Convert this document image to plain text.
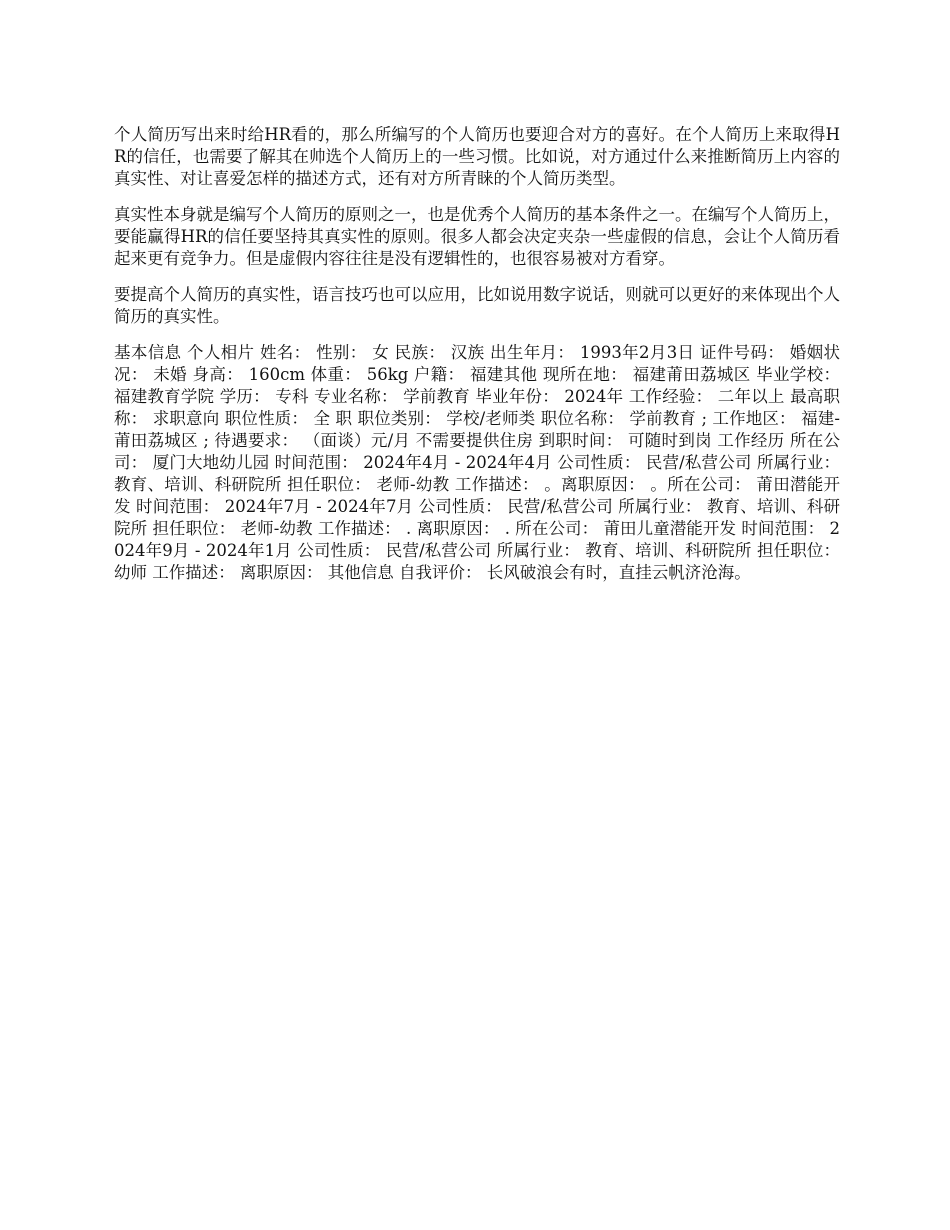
个人简历写出来时给HR看的，那么所编写的个人简历也要迎合对方的喜好。在个人简历上来取得HR的信任，也需要了解其在帅选个人简历上的一些习惯。比如说，对方通过什么来推断简历上内容的真实性、对让喜爱怎样的描述方式，还有对方所青睐的个人简历类型。

真实性本身就是编写个人简历的原则之一，也是优秀个人简历的基本条件之一。在编写个人简历上，要能赢得HR的信任要坚持其真实性的原则。很多人都会决定夹杂一些虚假的信息，会让个人简历看起来更有竞争力。但是虚假内容往往是没有逻辑性的，也很容易被对方看穿。

要提高个人简历的真实性，语言技巧也可以应用，比如说用数字说话，则就可以更好的来体现出个人简历的真实性。

基本信息 个人相片 姓名： 性别： 女 民族： 汉族 出生年月： 1993年2月3日 证件号码： 婚姻状况： 未婚 身高： 160cm 体重： 56kg 户籍： 福建其他 现所在地： 福建莆田荔城区 毕业学校： 福建教育学院 学历： 专科 专业名称： 学前教育 毕业年份： 2024年 工作经验： 二年以上 最高职称： 求职意向 职位性质： 全 职 职位类别： 学校/老师类 职位名称： 学前教育 ; 工作地区： 福建-莆田荔城区 ; 待遇要求： （面谈）元/月 不需要提供住房 到职时间： 可随时到岗 工作经历 所在公司： 厦门大地幼儿园 时间范围： 2024年4月 - 2024年4月 公司性质： 民营/私营公司 所属行业： 教育、培训、科研院所 担任职位： 老师-幼教 工作描述： 。离职原因： 。所在公司： 莆田潜能开发 时间范围： 2024年7月 - 2024年7月 公司性质： 民营/私营公司 所属行业： 教育、培训、科研院所 担任职位： 老师-幼教 工作描述： . 离职原因： . 所在公司： 莆田儿童潜能开发 时间范围： 2024年9月 - 2024年1月 公司性质： 民营/私营公司 所属行业： 教育、培训、科研院所 担任职位： 幼师 工作描述： 离职原因： 其他信息 自我评价： 长风破浪会有时，直挂云帆济沧海。
